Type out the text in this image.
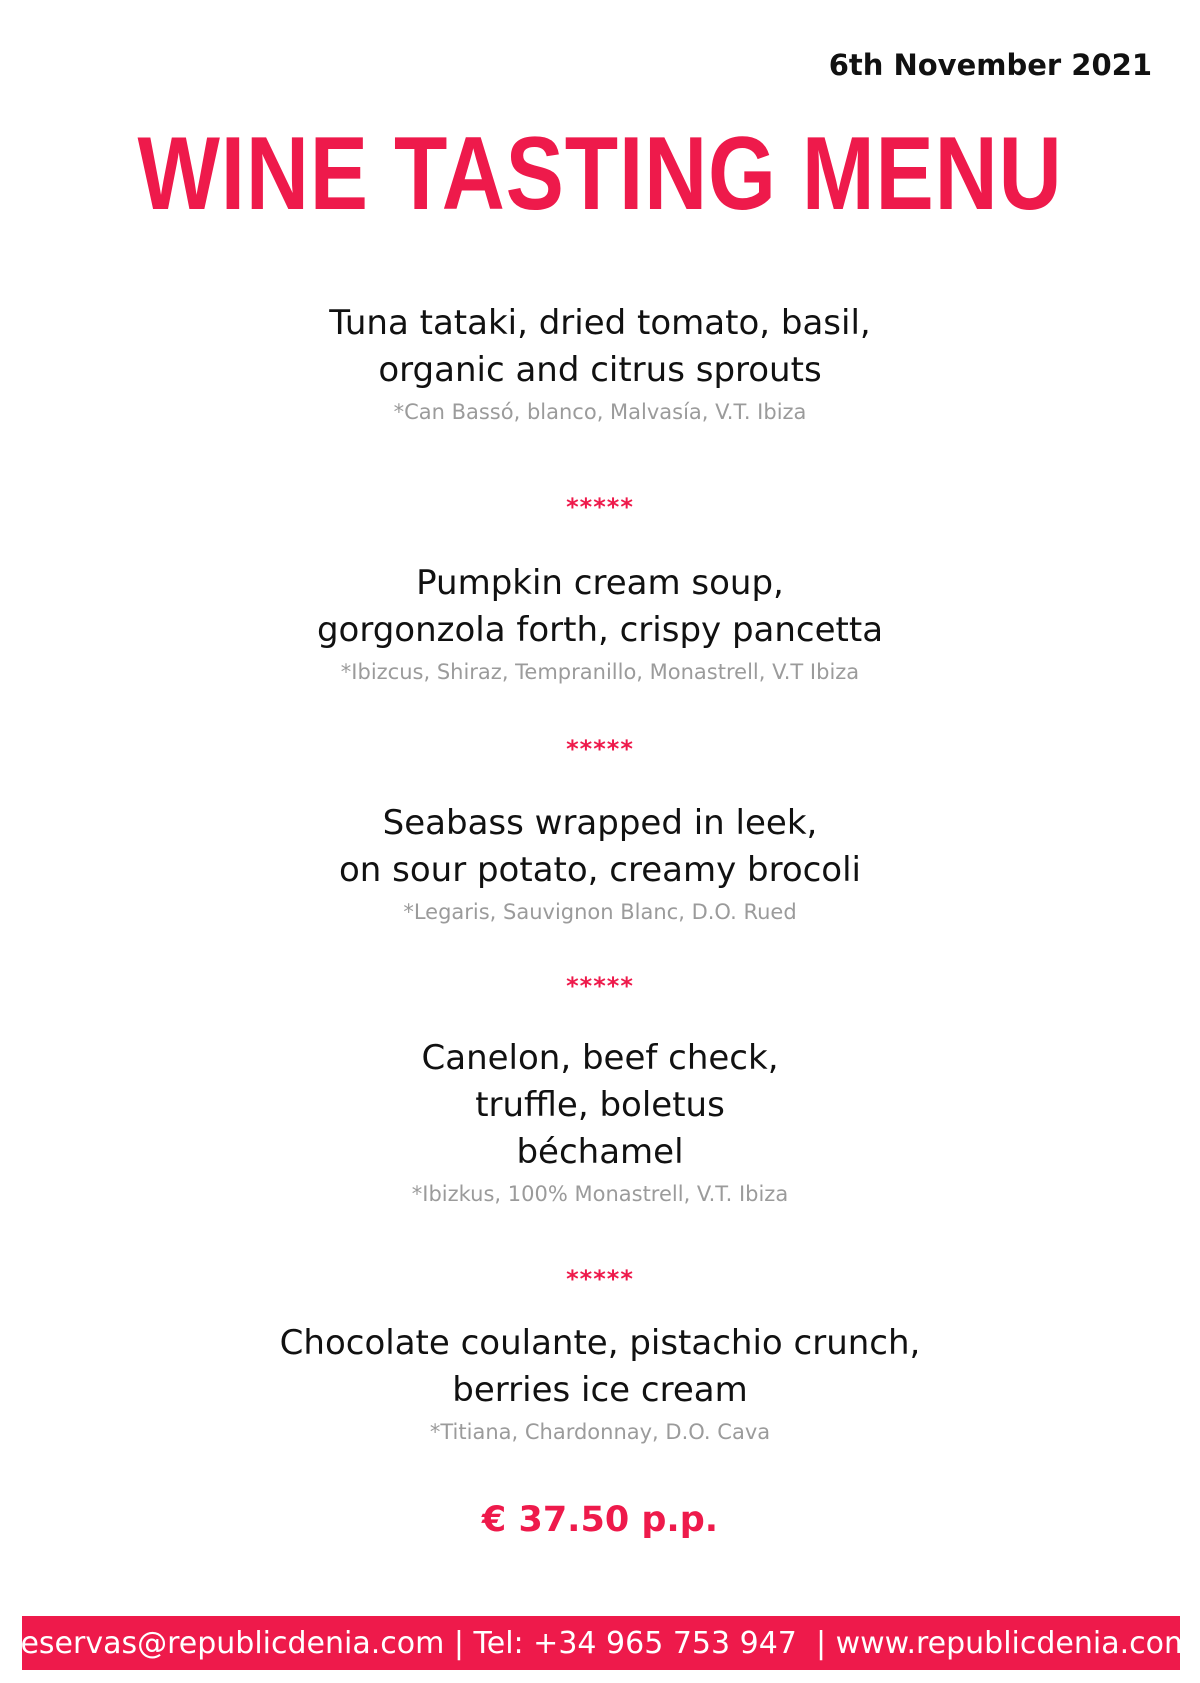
6th November 2021
WINE TASTING MENU
Tuna tataki, dried tomato, basil,
organic and citrus sprouts
*Can Bassó, blanco, Malvasía, V.T. Ibiza
*****
Pumpkin cream soup,
gorgonzola forth, crispy pancetta
*Ibizcus, Shiraz, Tempranillo, Monastrell, V.T Ibiza
*****
Seabass wrapped in leek,
on sour potato, creamy brocoli
*Legaris, Sauvignon Blanc, D.O. Rued
*****
Canelon, beef check,
truffle, boletus
béchamel
*Ibizkus, 100% Monastrell, V.T. Ibiza
*****
Chocolate coulante, pistachio crunch,
berries ice cream
*Titiana, Chardonnay, D.O. Cava
€ 37.50 p.p.
reservas@republicdenia.com | Tel: +34 965 753 947  | www.republicdenia.com
